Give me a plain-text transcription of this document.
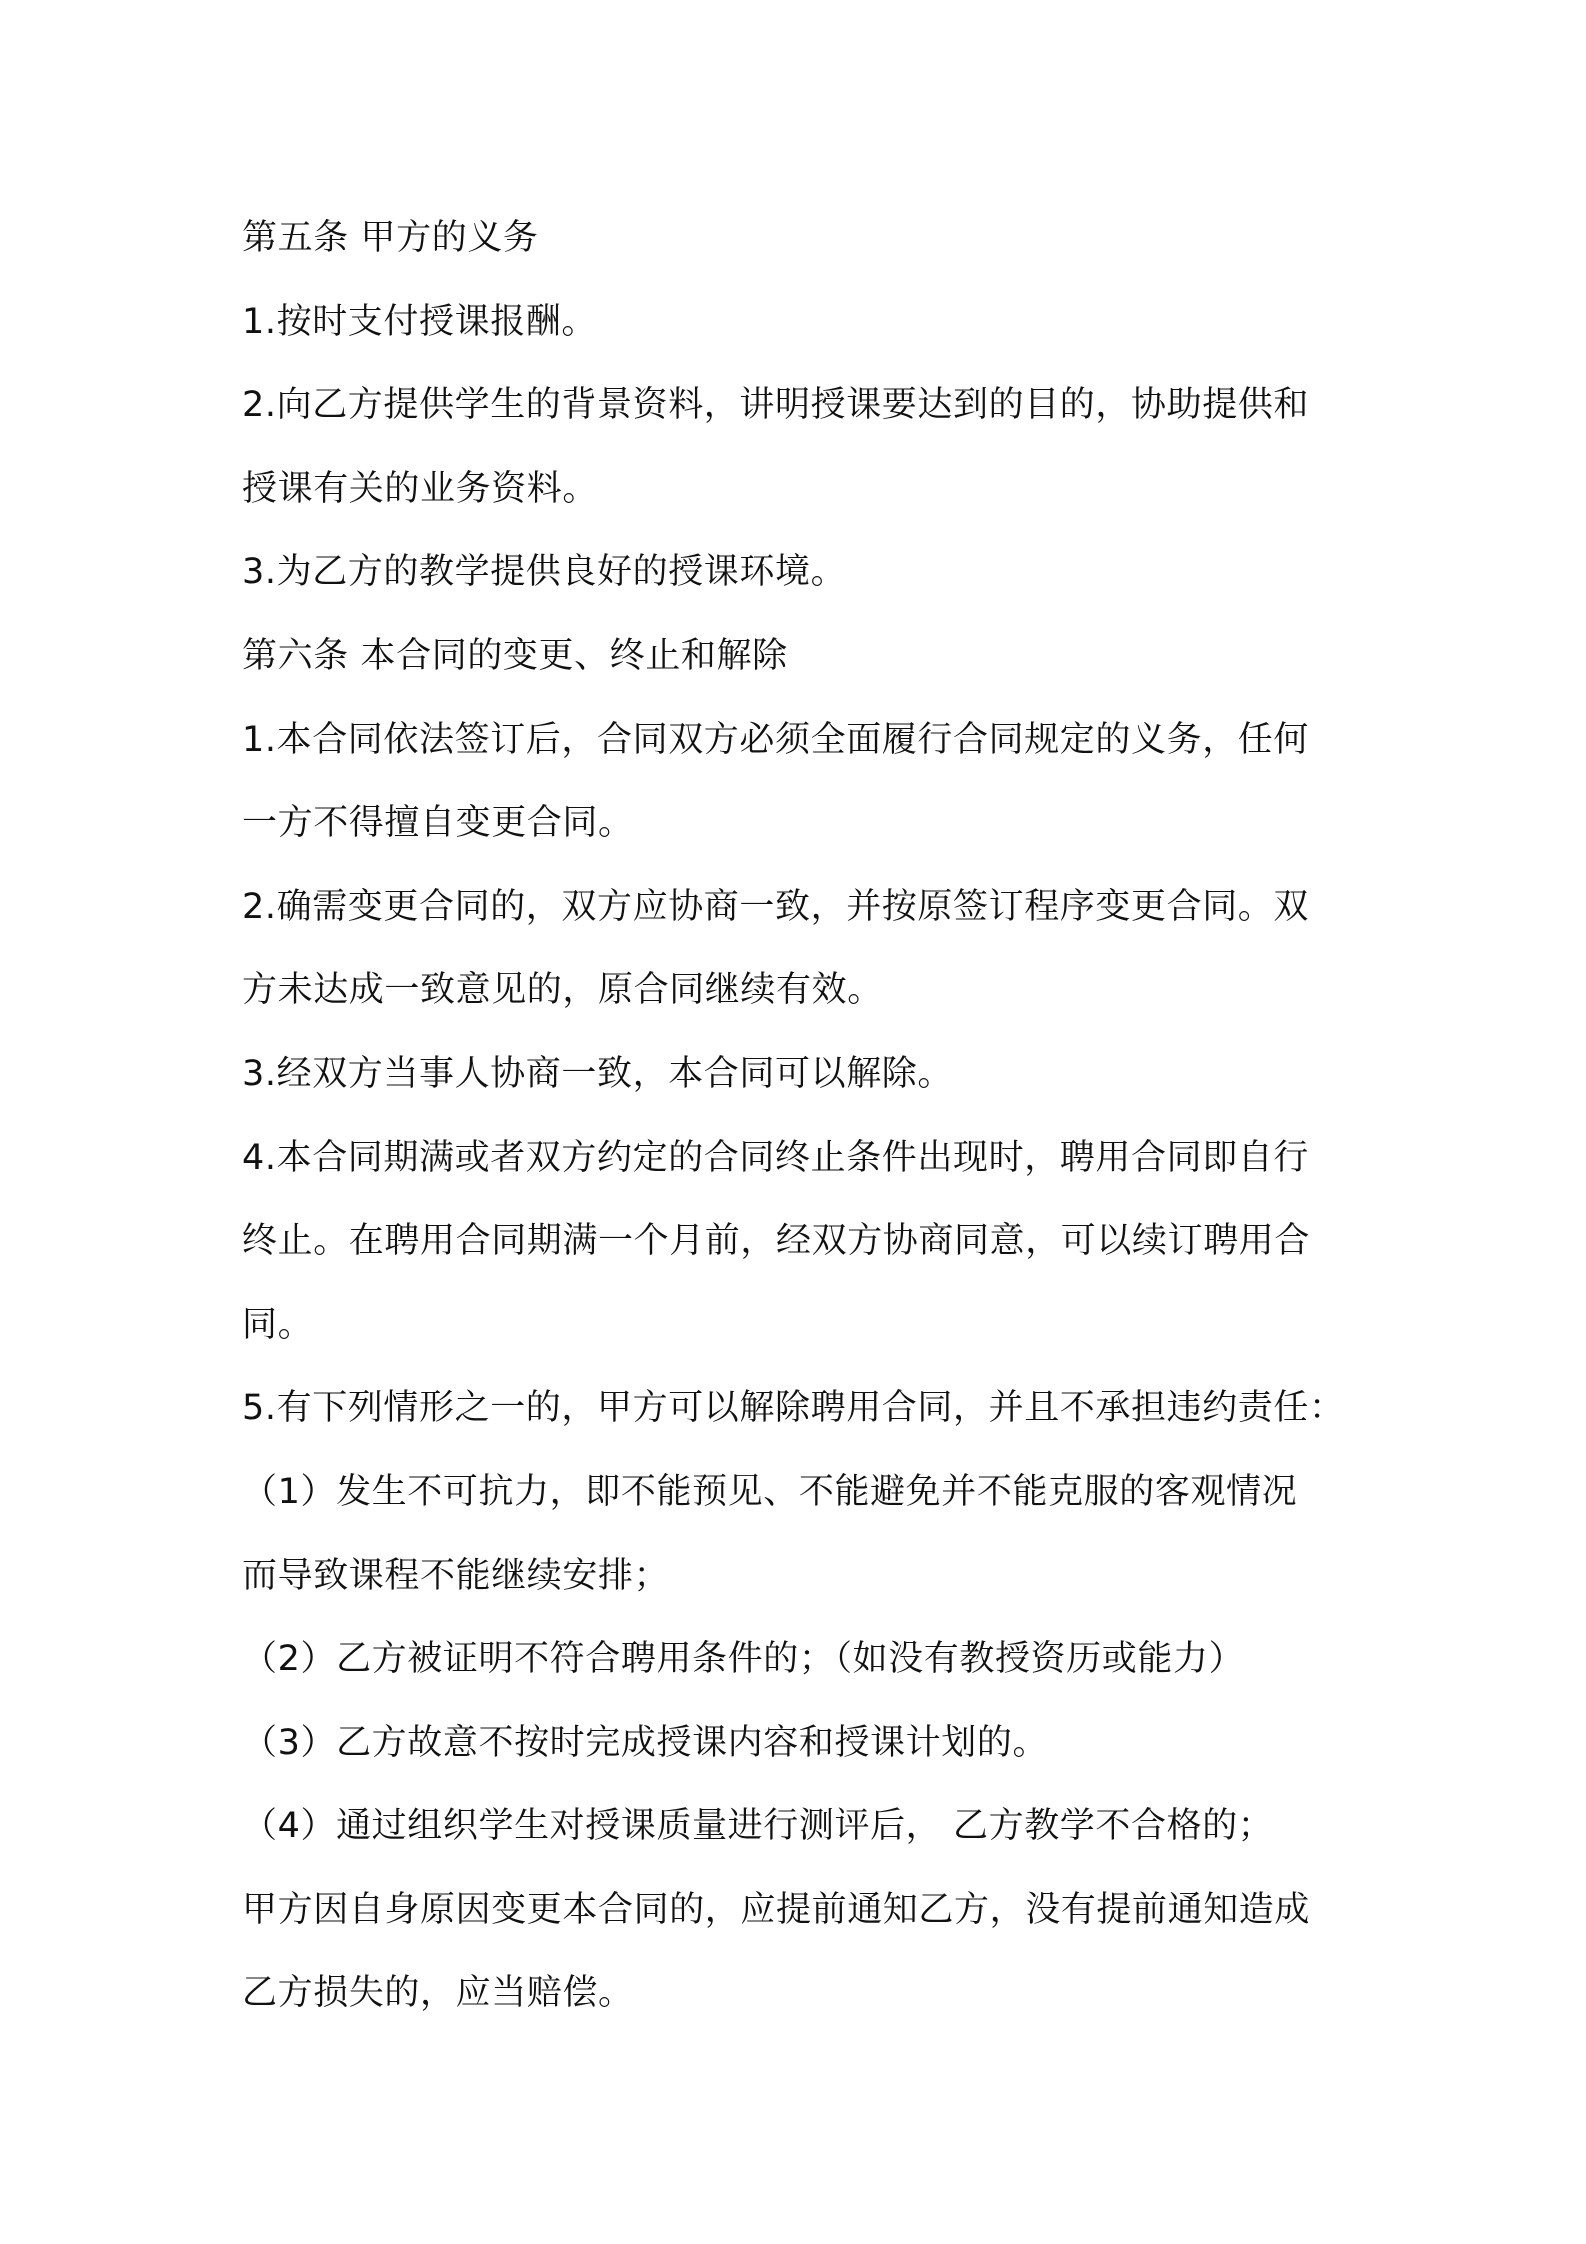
第五条 甲方的义务
1.按时支付授课报酬。
2.向乙方提供学生的背景资料，讲明授课要达到的目的，协助提供和
授课有关的业务资料。
3.为乙方的教学提供良好的授课环境。
第六条 本合同的变更、终止和解除
1.本合同依法签订后，合同双方必须全面履行合同规定的义务，任何
一方不得擅自变更合同。
2.确需变更合同的，双方应协商一致，并按原签订程序变更合同。双
方未达成一致意见的，原合同继续有效。
3.经双方当事人协商一致，本合同可以解除。
4.本合同期满或者双方约定的合同终止条件出现时，聘用合同即自行
终止。在聘用合同期满一个月前，经双方协商同意，可以续订聘用合
同。
5.有下列情形之一的，甲方可以解除聘用合同，并且不承担违约责任：
（1）发生不可抗力，即不能预见、不能避免并不能克服的客观情况
而导致课程不能继续安排；
（2）乙方被证明不符合聘用条件的；（如没有教授资历或能力）
（3）乙方故意不按时完成授课内容和授课计划的。
（4）通过组织学生对授课质量进行测评后， 乙方教学不合格的；
甲方因自身原因变更本合同的，应提前通知乙方，没有提前通知造成
乙方损失的，应当赔偿。
